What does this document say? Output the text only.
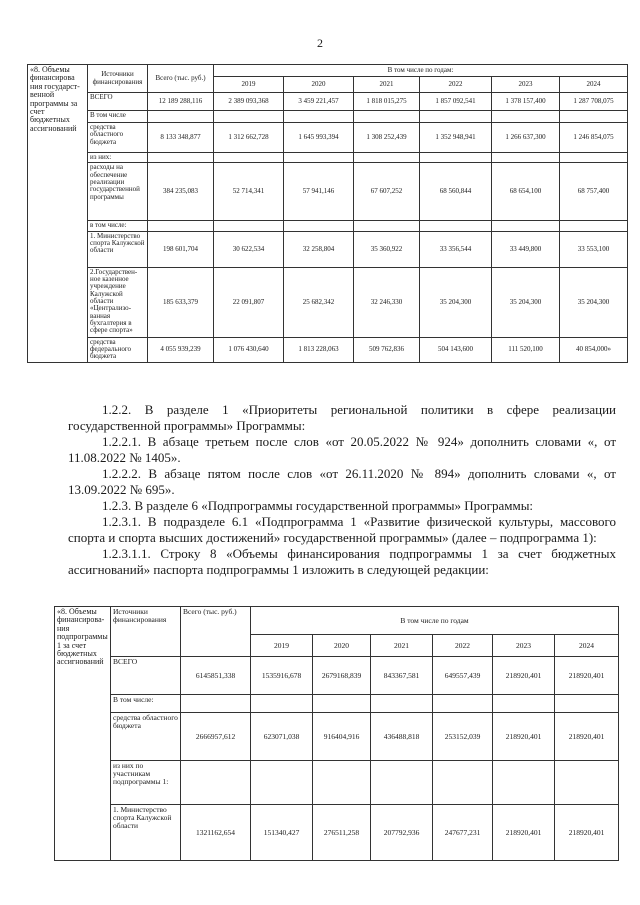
2
«8. Объемы финансирова ния государственной программы за счет бюджетных ассигнований	Источники финансирования	Всего (тыс. руб.)	В том числе по годам:					
			2019	2020	2021	2022	2023	2024
	ВСЕГО	12 189 288,116	2 389 093,368	3 459 221,457	1 818 015,275	1 857 092,541	1 378 157,400	1 287 708,075
	В том числе							
	средства областного бюджета	8 133 348,877	1 312 662,728	1 645 993,394	1 308 252,439	1 352 948,941	1 266 637,300	1 246 854,075
	из них:							
	расходы на обеспечение реализации государственной программы	384 235,083	52 714,341	57 941,146	67 607,252	68 560,844	68 654,100	68 757,400
	в том числе:							
	1. Министерство спорта Калужской области	198 601,704	30 622,534	32 258,804	35 360,922	33 356,544	33 449,800	33 553,100
	2.Государственное казенное учреждение Калужской области «Централизованная бухгалтерия в сфере спорта»	185 633,379	22 091,807	25 682,342	32 246,330	35 204,300	35 204,300	35 204,300
	средства федерального бюджета	4 055 939,239	1 076 430,640	1 813 228,063	509 762,836	504 143,600	111 520,100	40 854,000»

1.2.2. В разделе 1 «Приоритеты региональной политики в сфере реализации государственной программы» Программы:

1.2.2.1. В абзаце третьем после слов «от 20.05.2022 № 924» дополнить словами «, от 11.08.2022 № 1405».

1.2.2.2. В абзаце пятом после слов «от 26.11.2020 № 894» дополнить словами «, от 13.09.2022 № 695».

1.2.3. В разделе 6 «Подпрограммы государственной программы» Программы:

1.2.3.1. В подразделе 6.1 «Подпрограмма 1 «Развитие физической культуры, массового спорта и спорта высших достижений» государственной программы» (далее – подпрограмма 1):

1.2.3.1.1. Строку 8 «Объемы финансирования подпрограммы 1 за счет бюджетных ассигнований» паспорта подпрограммы 1 изложить в следующей редакции:

«8. Объемы финансирования подпрограммы 1 за счет бюджетных ассигнований	Источники финансирования	Всего (тыс. руб.)	В том числе по годам					
			2019	2020	2021	2022	2023	2024
	ВСЕГО	6145851,338	1535916,678	2679168,839	843367,581	649557,439	218920,401	218920,401
	В том числе:							
	средства областного бюджета	2666957,612	623071,038	916404,916	436488,818	253152,039	218920,401	218920,401
	из них по участникам подпрограммы 1:							
	1. Министерство спорта Калужской области	1321162,654	151340,427	276511,258	207792,936	247677,231	218920,401	218920,401
